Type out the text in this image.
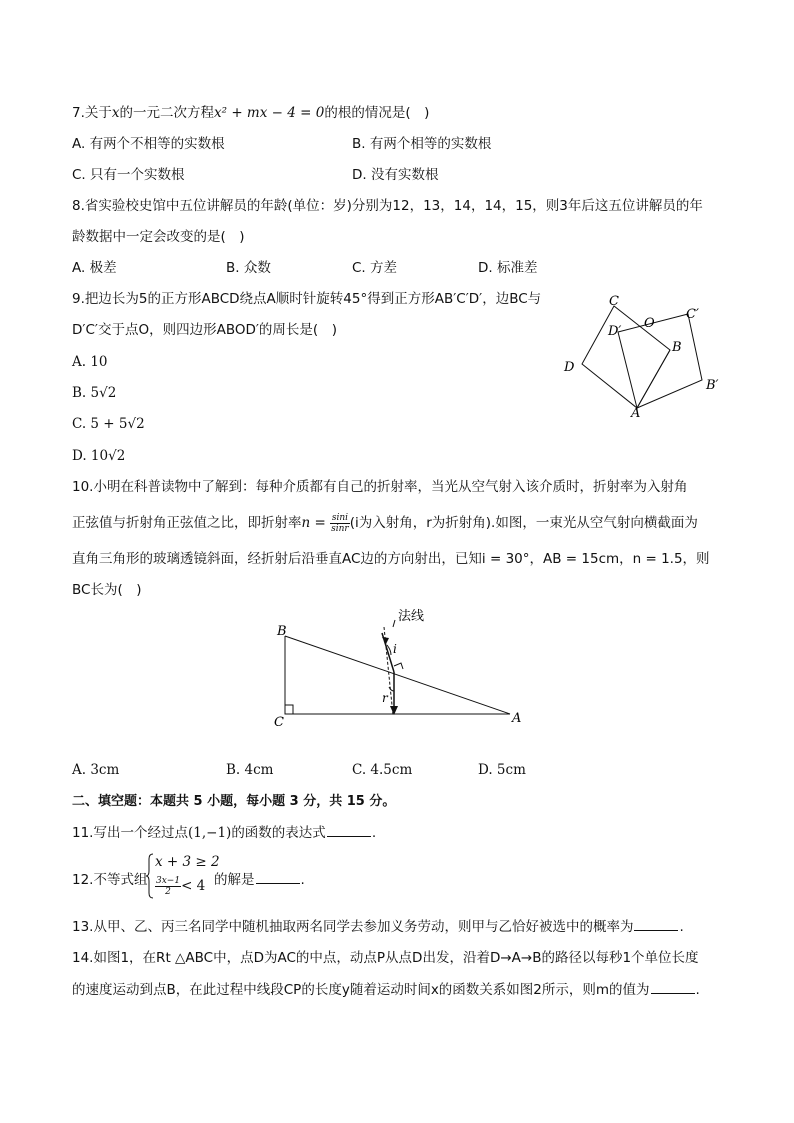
7.关于x的一元二次方程x² + mx − 4 = 0的根的情况是(　)
A. 有两个不相等的实数根	B. 有两个相等的实数根
C. 只有一个实数根	D. 没有实数根
8.省实验校史馆中五位讲解员的年龄(单位：岁)分别为12，13，14，14，15，则3年后这五位讲解员的年
龄数据中一定会改变的是(　)
A. 极差	B. 众数	C. 方差	D. 标准差
9.把边长为5的正方形ABCD绕点A顺时针旋转45°得到正方形AB′C′D′，边BC与
D′C′交于点O，则四边形ABOD′的周长是(　)
A. 10
B. 5√2
C. 5 + 5√2
D. 10√2
C
C′
D′
O
B
D
B′
A
10.小明在科普读物中了解到：每种介质都有自己的折射率，当光从空气射入该介质时，折射率为入射角
正弦值与折射角正弦值之比，即折射率$n = \frac{\sin i}{\sin r} (i$为入射角，r为折射角).如图，一束光从空气射向横截面为
直角三角形的玻璃透镜斜面，经折射后沿垂直AC边的方向射出，已知i = 30°，AB = 15cm，n = 1.5，则
BC长为(　)
法线
B
C	A
i
r
A. 3cm	B. 4cm	C. 4.5cm	D. 5cm
二、填空题：本题共 5 小题，每小题 3 分，共 15 分。
11.写出一个经过点(1,−1)的函数的表达式	.
12.不等式组
x + 3 ≥ 2
$\frac{3x-1}{2} < 4$ 的解是	.
13.从甲、乙、丙三名同学中随机抽取两名同学去参加义务劳动，则甲与乙恰好被选中的概率为	.
14.如图1，在Rt △ABC中，点D为AC的中点，动点P从点D出发，沿着D→A→B的路径以每秒1个单位长度
的速度运动到点B，在此过程中线段CP的长度y随着运动时间x的函数关系如图2所示，则m的值为	.
